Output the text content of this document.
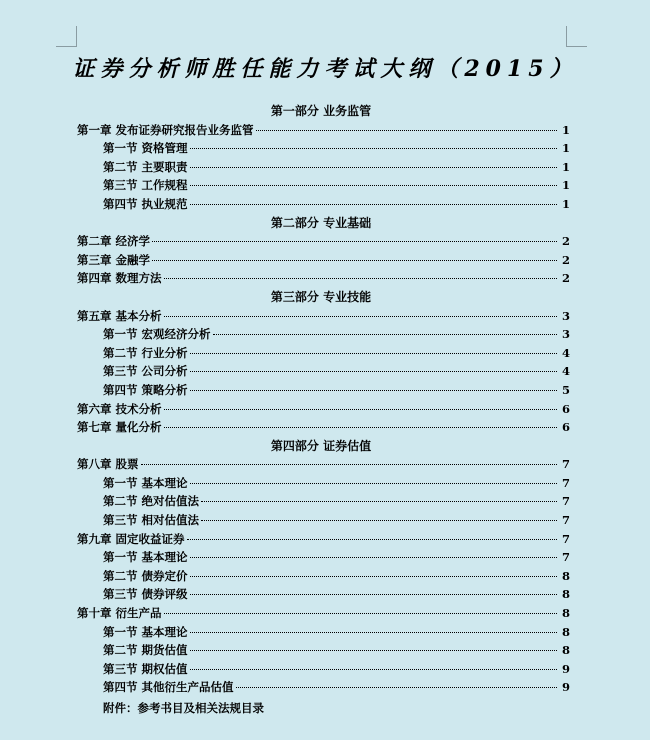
证券分析师胜任能力考试大纲（2015）
第一部分 业务监管
第一章 发布证券研究报告业务监管	1
第一节 资格管理	1
第二节 主要职责	1
第三节 工作规程	1
第四节 执业规范	1
第二部分 专业基础
第二章 经济学	2
第三章 金融学	2
第四章 数理方法	2
第三部分 专业技能
第五章 基本分析	3
第一节 宏观经济分析	3
第二节 行业分析	4
第三节 公司分析	4
第四节 策略分析	5
第六章 技术分析	6
第七章 量化分析	6
第四部分 证券估值
第八章 股票	7
第一节 基本理论	7
第二节 绝对估值法	7
第三节 相对估值法	7
第九章 固定收益证券	7
第一节 基本理论	7
第二节 债券定价	8
第三节 债券评级	8
第十章 衍生产品	8
第一节 基本理论	8
第二节 期货估值	8
第三节 期权估值	9
第四节 其他衍生产品估值	9
附件：参考书目及相关法规目录
